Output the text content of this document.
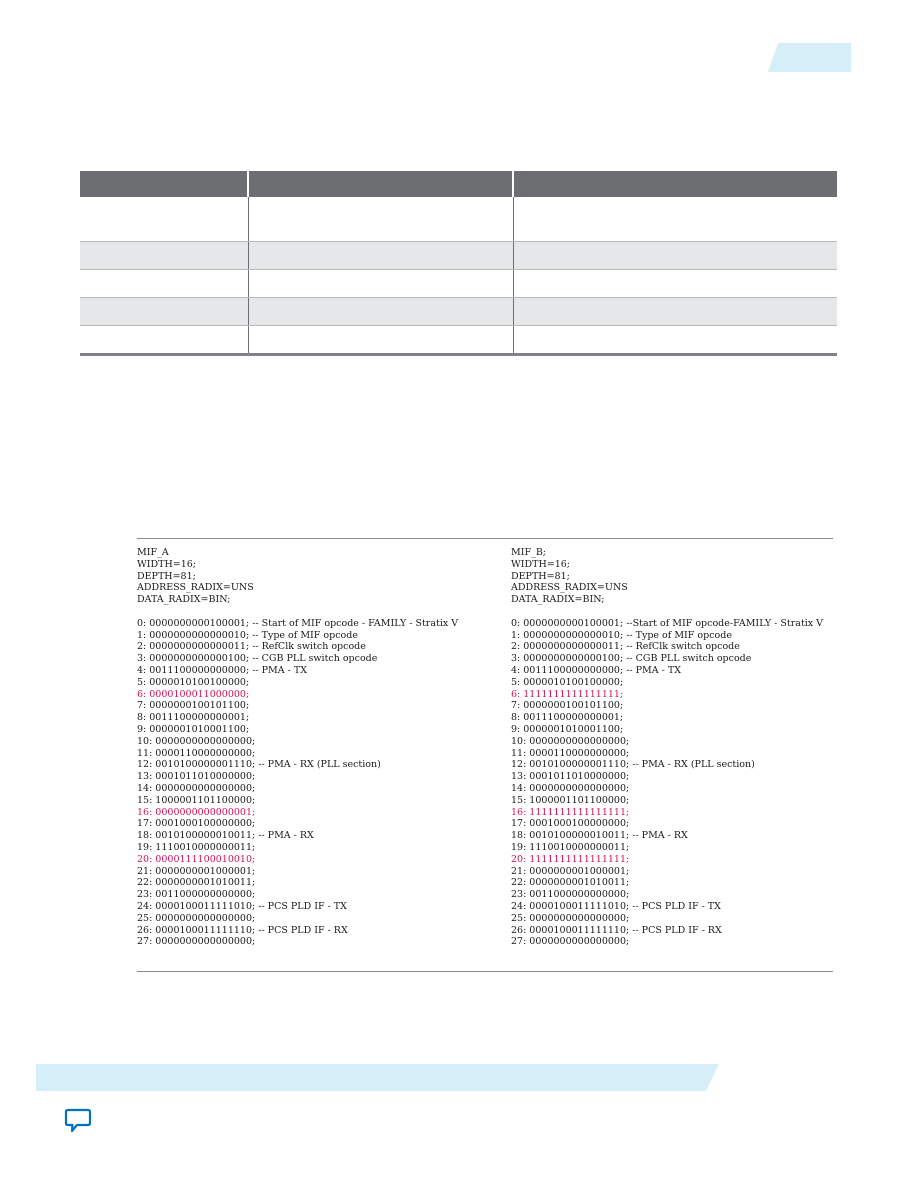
MIF_A
WIDTH=16;
DEPTH=81;
ADDRESS_RADIX=UNS
DATA_RADIX=BIN;
0: 0000000000100001; -- Start of MIF opcode - FAMILY - Stratix V
1: 0000000000000010; -- Type of MIF opcode
2: 0000000000000011; -- RefClk switch opcode
3: 0000000000000100; -- CGB PLL switch opcode
4: 0011100000000000; -- PMA - TX
5: 0000010100100000;
6: 0000100011000000;
7: 0000000100101100;
8: 0011100000000001;
9: 0000001010001100;
10: 0000000000000000;
11: 0000110000000000;
12: 0010100000001110; -- PMA - RX (PLL section)
13: 0001011010000000;
14: 0000000000000000;
15: 1000001101100000;
16: 0000000000000001;
17: 0001000100000000;
18: 0010100000010011; -- PMA - RX
19: 1110010000000011;
20: 0000111100010010;
21: 0000000001000001;
22: 0000000001010011;
23: 0011000000000000;
24: 0000100011111010; -- PCS PLD IF - TX
25: 0000000000000000;
26: 0000100011111110; -- PCS PLD IF - RX
27: 0000000000000000;
MIF_B;
WIDTH=16;
DEPTH=81;
ADDRESS_RADIX=UNS
DATA_RADIX=BIN;
0: 0000000000100001; --Start of MIF opcode-FAMILY - Stratix V
1: 0000000000000010; -- Type of MIF opcode
2: 0000000000000011; -- RefClk switch opcode
3: 0000000000000100; -- CGB PLL switch opcode
4: 0011100000000000; -- PMA - TX
5: 0000010100100000;
6: 1111111111111111;
7: 0000000100101100;
8: 0011100000000001;
9: 0000001010001100;
10: 0000000000000000;
11: 0000110000000000;
12: 0010100000001110; -- PMA - RX (PLL section)
13: 0001011010000000;
14: 0000000000000000;
15: 1000001101100000;
16: 1111111111111111;
17: 0001000100000000;
18: 0010100000010011; -- PMA - RX
19: 1110010000000011;
20: 1111111111111111;
21: 0000000001000001;
22: 0000000001010011;
23: 0011000000000000;
24: 0000100011111010; -- PCS PLD IF - TX
25: 0000000000000000;
26: 0000100011111110; -- PCS PLD IF - RX
27: 0000000000000000;
